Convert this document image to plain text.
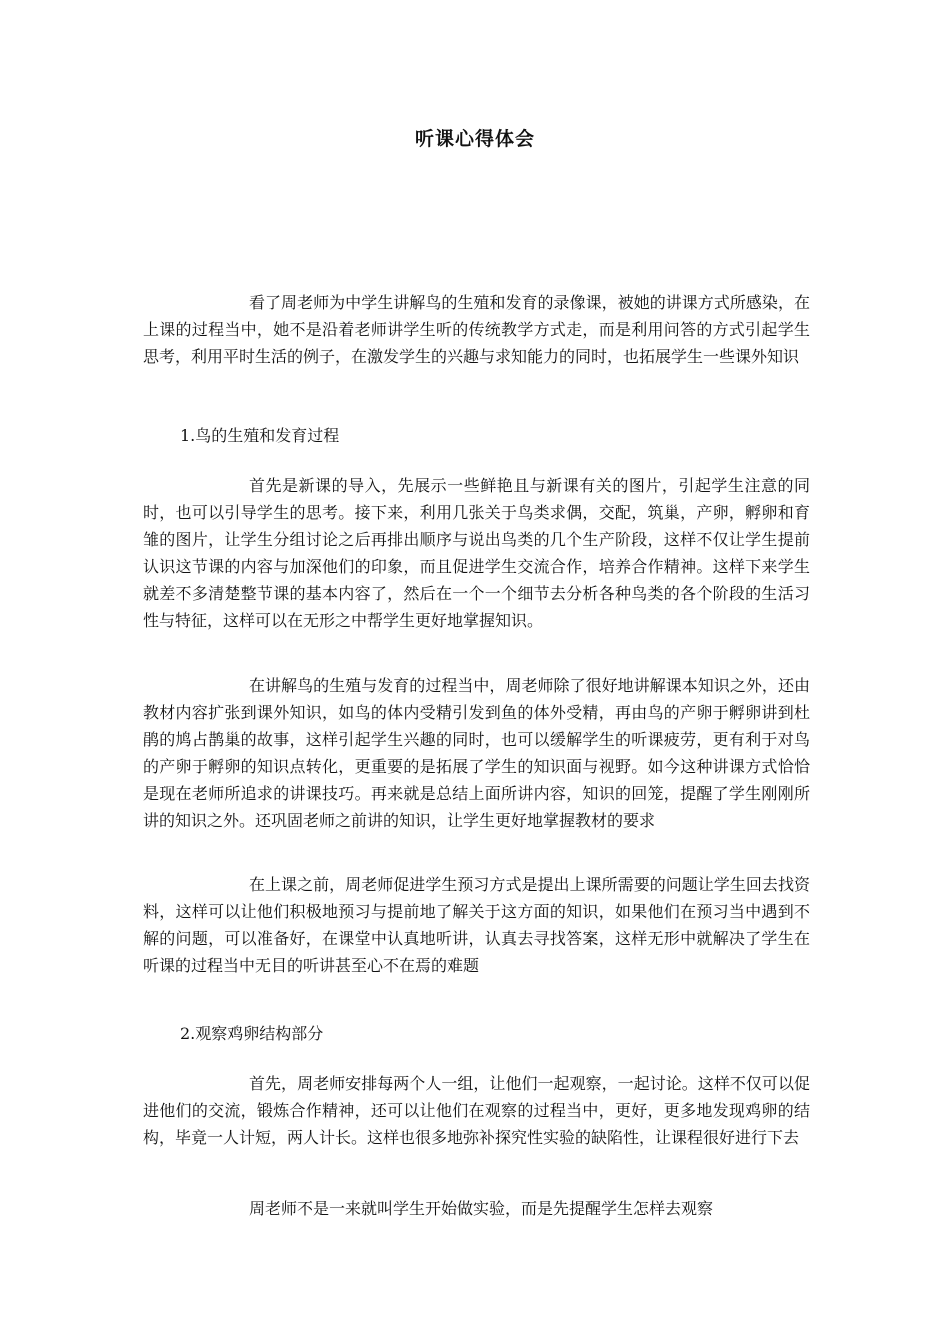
听课心得体会

看了周老师为中学生讲解鸟的生殖和发育的录像课，被她的讲课方式所感染，在上课的过程当中，她不是沿着老师讲学生听的传统教学方式走，而是利用问答的方式引起学生思考，利用平时生活的例子，在激发学生的兴趣与求知能力的同时，也拓展学生一些课外知识

1.鸟的生殖和发育过程

首先是新课的导入，先展示一些鲜艳且与新课有关的图片，引起学生注意的同时，也可以引导学生的思考。接下来，利用几张关于鸟类求偶，交配，筑巢，产卵，孵卵和育雏的图片，让学生分组讨论之后再排出顺序与说出鸟类的几个生产阶段，这样不仅让学生提前认识这节课的内容与加深他们的印象，而且促进学生交流合作，培养合作精神。这样下来学生就差不多清楚整节课的基本内容了，然后在一个一个细节去分析各种鸟类的各个阶段的生活习性与特征，这样可以在无形之中帮学生更好地掌握知识。

在讲解鸟的生殖与发育的过程当中，周老师除了很好地讲解课本知识之外，还由教材内容扩张到课外知识，如鸟的体内受精引发到鱼的体外受精，再由鸟的产卵于孵卵讲到杜鹃的鸠占鹊巢的故事，这样引起学生兴趣的同时，也可以缓解学生的听课疲劳，更有利于对鸟的产卵于孵卵的知识点转化，更重要的是拓展了学生的知识面与视野。如今这种讲课方式恰恰是现在老师所追求的讲课技巧。再来就是总结上面所讲内容，知识的回笼，提醒了学生刚刚所讲的知识之外。还巩固老师之前讲的知识，让学生更好地掌握教材的要求

在上课之前，周老师促进学生预习方式是提出上课所需要的问题让学生回去找资料，这样可以让他们积极地预习与提前地了解关于这方面的知识，如果他们在预习当中遇到不解的问题，可以准备好，在课堂中认真地听讲，认真去寻找答案，这样无形中就解决了学生在听课的过程当中无目的听讲甚至心不在焉的难题

2.观察鸡卵结构部分

首先，周老师安排每两个人一组，让他们一起观察，一起讨论。这样不仅可以促进他们的交流，锻炼合作精神，还可以让他们在观察的过程当中，更好，更多地发现鸡卵的结构，毕竟一人计短，两人计长。这样也很多地弥补探究性实验的缺陷性，让课程很好进行下去

周老师不是一来就叫学生开始做实验，而是先提醒学生怎样去观察
